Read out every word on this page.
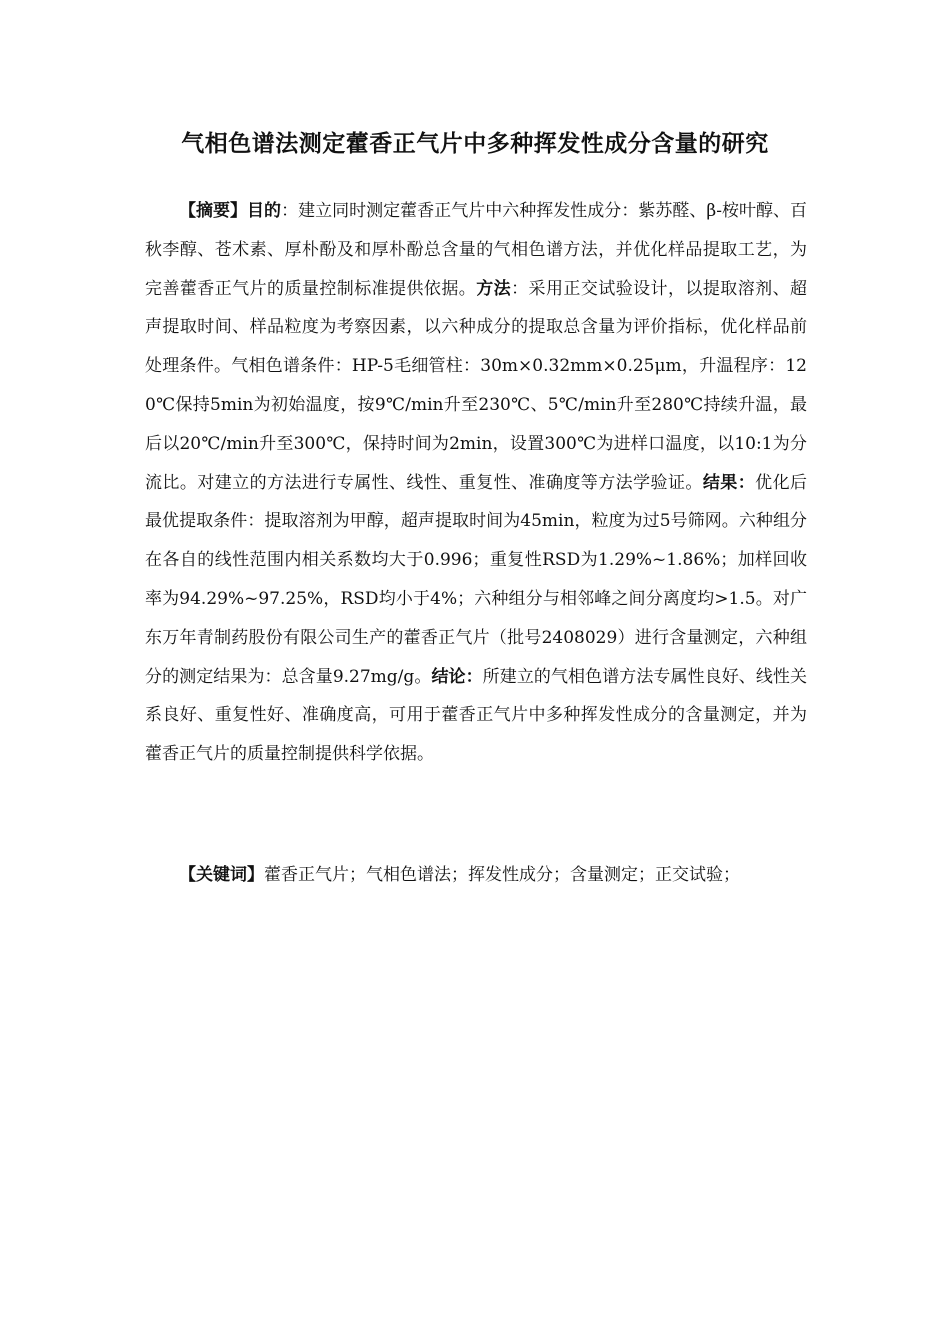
气相色谱法测定藿香正气片中多种挥发性成分含量的研究
【摘要】目的：建立同时测定藿香正气片中六种挥发性成分：紫苏醛、β-桉叶醇、百秋李醇、苍术素、厚朴酚及和厚朴酚总含量的气相色谱方法，并优化样品提取工艺，为完善藿香正气片的质量控制标准提供依据。方法：采用正交试验设计，以提取溶剂、超声提取时间、样品粒度为考察因素，以六种成分的提取总含量为评价指标，优化样品前处理条件。气相色谱条件：HP-5毛细管柱：30m×0.32mm×0.25μm，升温程序：120℃保持5min为初始温度，按9℃/min升至230℃、5℃/min升至280℃持续升温，最后以20℃/min升至300℃，保持时间为2min，设置300℃为进样口温度，以10:1为分流比。对建立的方法进行专属性、线性、重复性、准确度等方法学验证。结果：优化后最优提取条件：提取溶剂为甲醇，超声提取时间为45min，粒度为过5号筛网。六种组分在各自的线性范围内相关系数均大于0.996；重复性RSD为1.29%~1.86%；加样回收率为94.29%~97.25%，RSD均小于4%；六种组分与相邻峰之间分离度均>1.5。对广东万年青制药股份有限公司生产的藿香正气片（批号2408029）进行含量测定，六种组分的测定结果为：总含量9.27mg/g。结论：所建立的气相色谱方法专属性良好、线性关系良好、重复性好、准确度高，可用于藿香正气片中多种挥发性成分的含量测定，并为藿香正气片的质量控制提供科学依据。
【关键词】藿香正气片；气相色谱法；挥发性成分；含量测定；正交试验；
